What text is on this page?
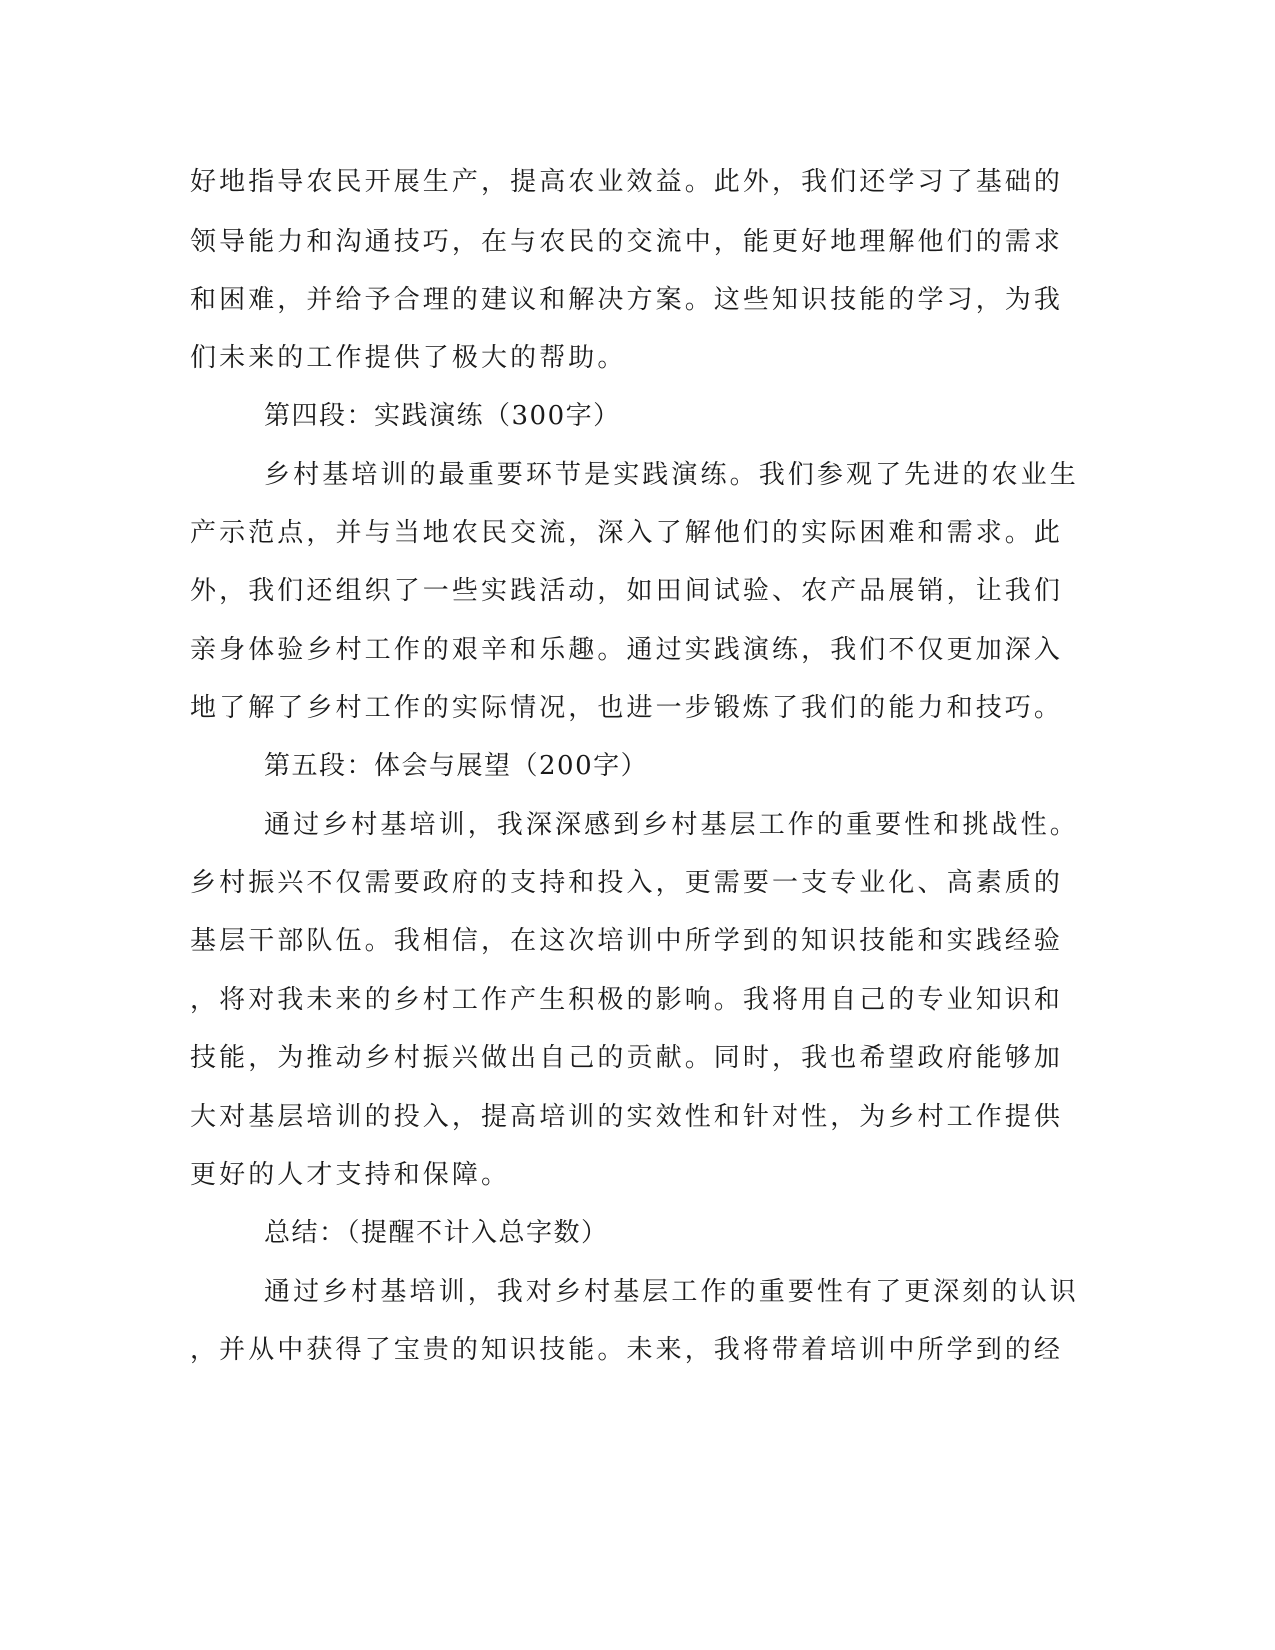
好地指导农民开展生产，提高农业效益。此外，我们还学习了基础的
领导能力和沟通技巧，在与农民的交流中，能更好地理解他们的需求
和困难，并给予合理的建议和解决方案。这些知识技能的学习，为我
们未来的工作提供了极大的帮助。
第四段：实践演练（300字）
乡村基培训的最重要环节是实践演练。我们参观了先进的农业生
产示范点，并与当地农民交流，深入了解他们的实际困难和需求。此
外，我们还组织了一些实践活动，如田间试验、农产品展销，让我们
亲身体验乡村工作的艰辛和乐趣。通过实践演练，我们不仅更加深入
地了解了乡村工作的实际情况，也进一步锻炼了我们的能力和技巧。
第五段：体会与展望（200字）
通过乡村基培训，我深深感到乡村基层工作的重要性和挑战性。
乡村振兴不仅需要政府的支持和投入，更需要一支专业化、高素质的
基层干部队伍。我相信，在这次培训中所学到的知识技能和实践经验
，将对我未来的乡村工作产生积极的影响。我将用自己的专业知识和
技能，为推动乡村振兴做出自己的贡献。同时，我也希望政府能够加
大对基层培训的投入，提高培训的实效性和针对性，为乡村工作提供
更好的人才支持和保障。
总结：（提醒不计入总字数）
通过乡村基培训，我对乡村基层工作的重要性有了更深刻的认识
，并从中获得了宝贵的知识技能。未来，我将带着培训中所学到的经
